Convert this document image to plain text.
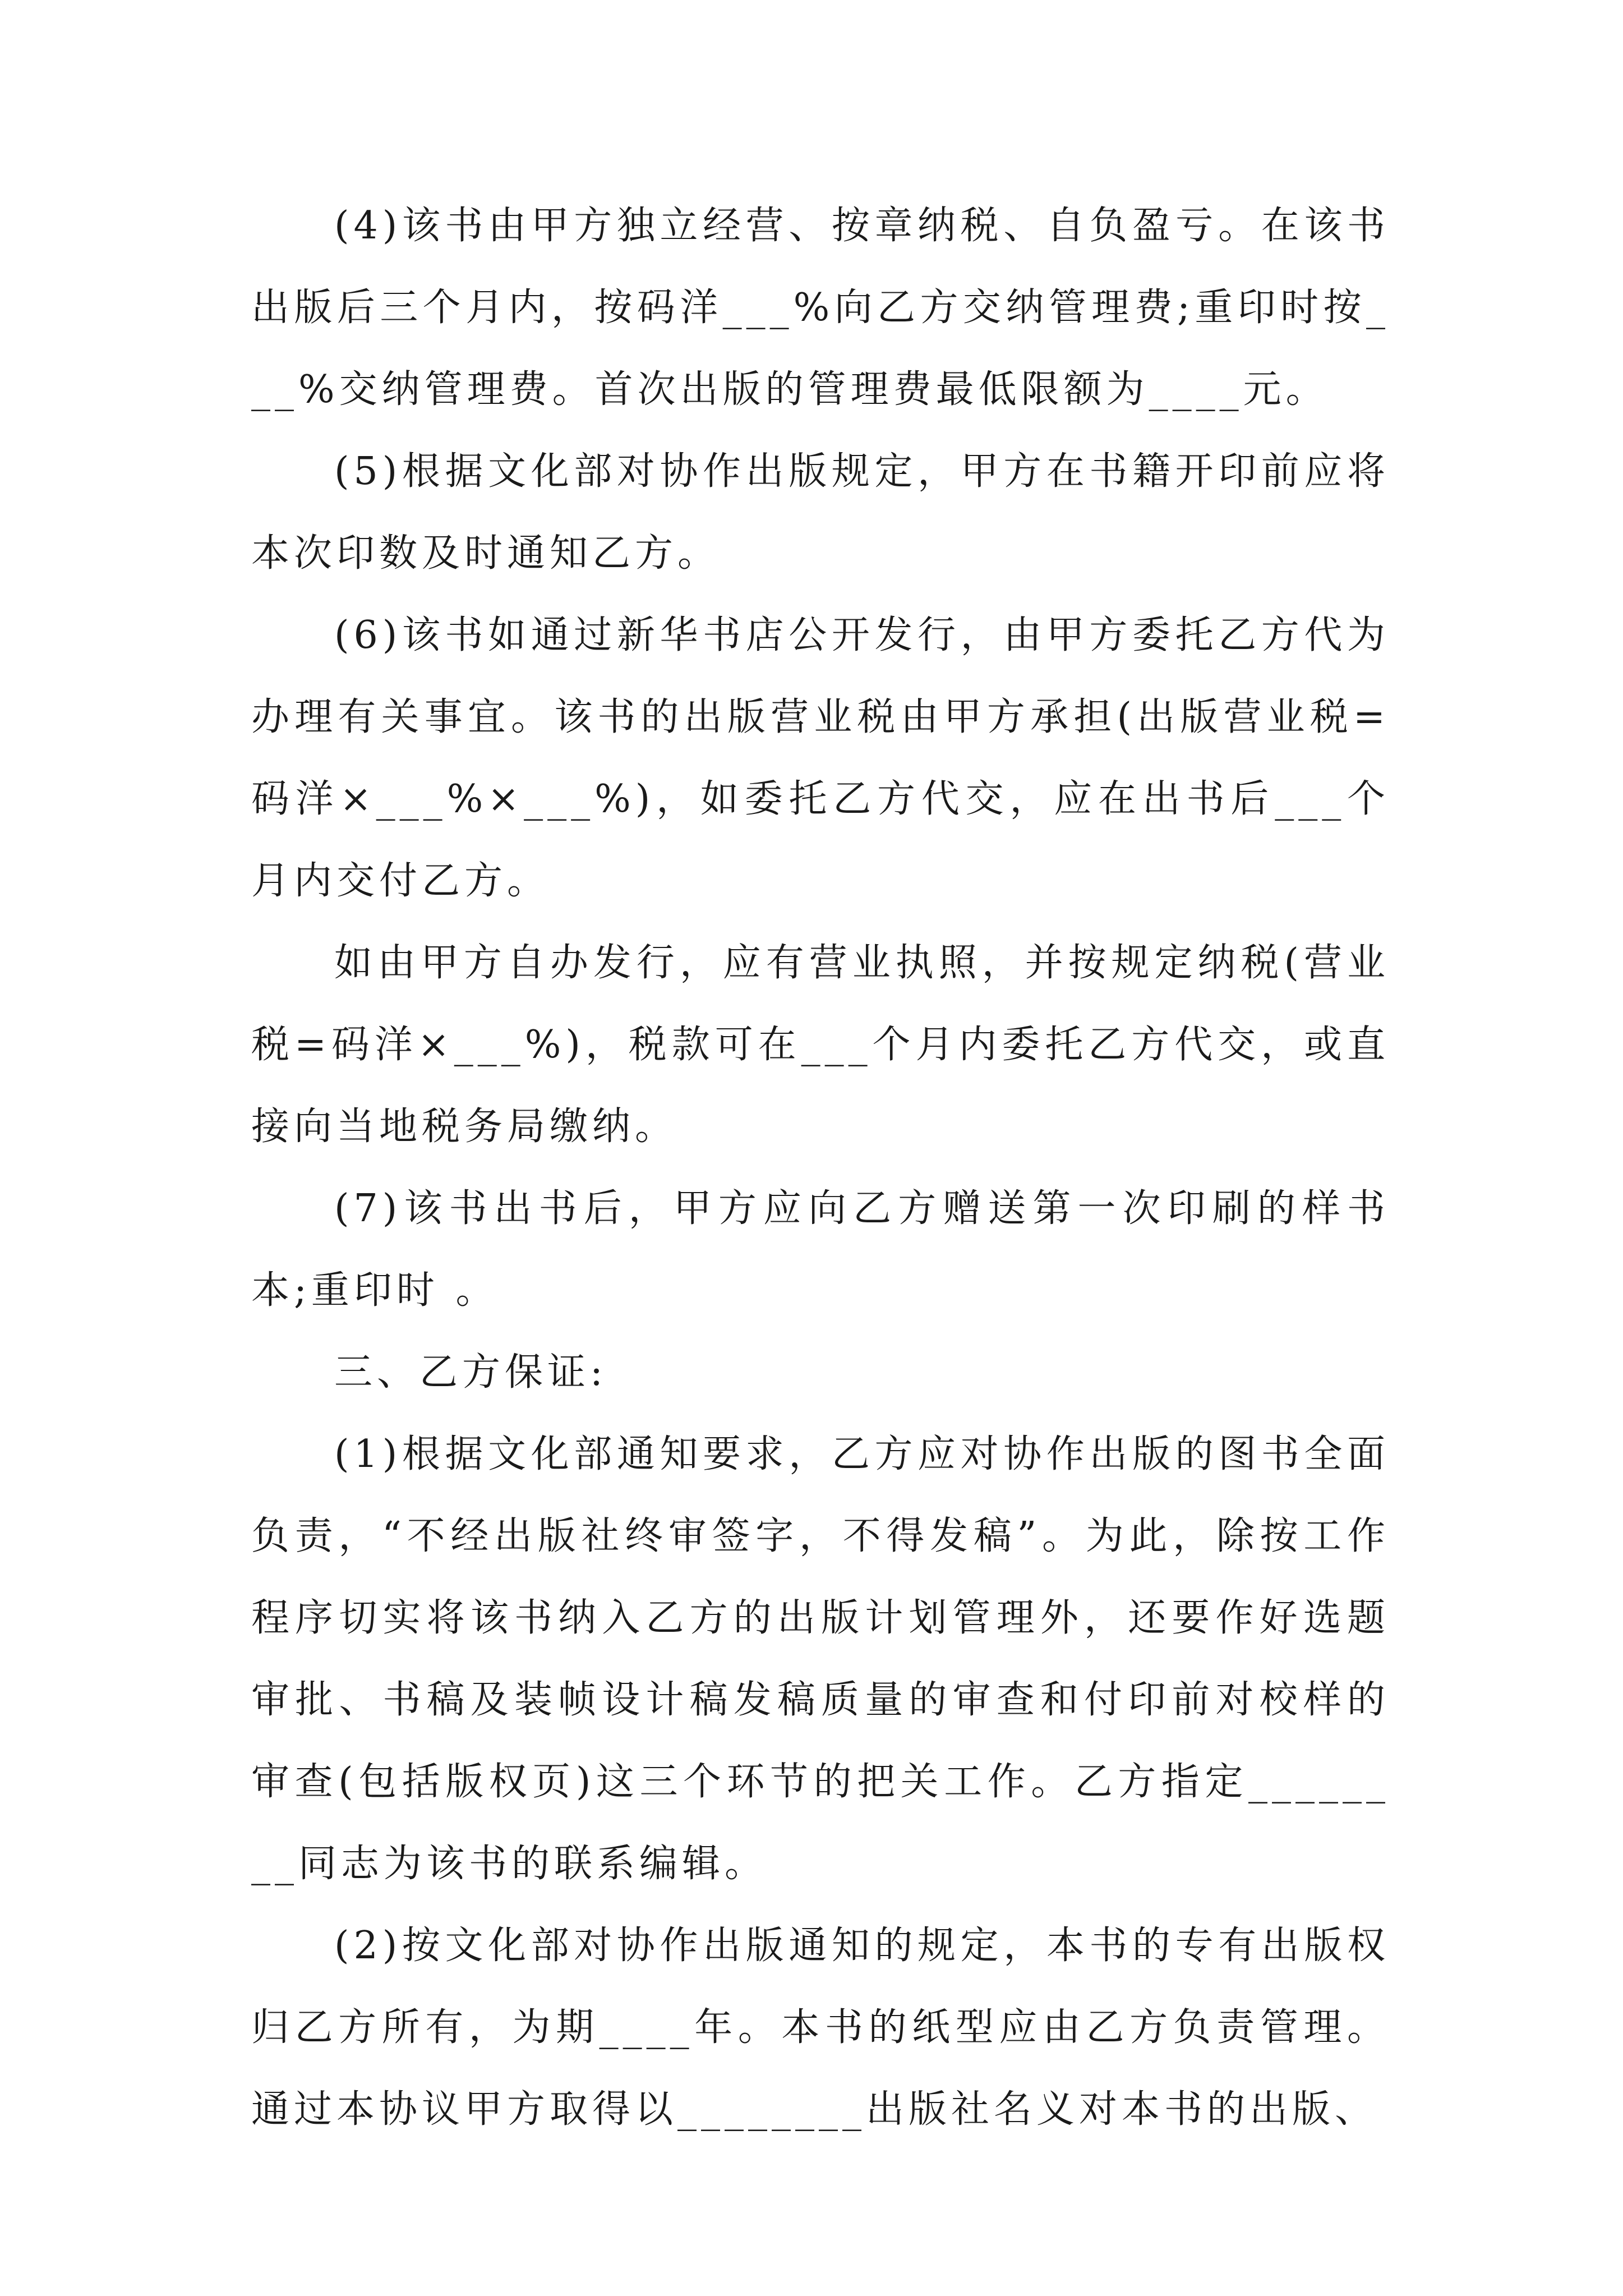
(4)该书由甲方独立经营、按章纳税、自负盈亏。在该书出版后三个月内，按码洋___%向乙方交纳管理费;重印时按___%交纳管理费。首次出版的管理费最低限额为____元。

(5)根据文化部对协作出版规定，甲方在书籍开印前应将本次印数及时通知乙方。

(6)该书如通过新华书店公开发行，由甲方委托乙方代为办理有关事宜。该书的出版营业税由甲方承担(出版营业税=码洋×___%×___%)，如委托乙方代交，应在出书后___个月内交付乙方。

如由甲方自办发行，应有营业执照，并按规定纳税(营业税=码洋×___%)，税款可在___个月内委托乙方代交，或直接向当地税务局缴纳。

(7)该书出书后，甲方应向乙方赠送第一次印刷的样书本;重印时 。

三、乙方保证:

(1)根据文化部通知要求，乙方应对协作出版的图书全面负责，“不经出版社终审签字，不得发稿”。为此，除按工作程序切实将该书纳入乙方的出版计划管理外，还要作好选题审批、书稿及装帧设计稿发稿质量的审查和付印前对校样的审查(包括版权页)这三个环节的把关工作。乙方指定________同志为该书的联系编辑。

(2)按文化部对协作出版通知的规定，本书的专有出版权归乙方所有，为期____年。本书的纸型应由乙方负责管理。通过本协议甲方取得以________出版社名义对本书的出版、
